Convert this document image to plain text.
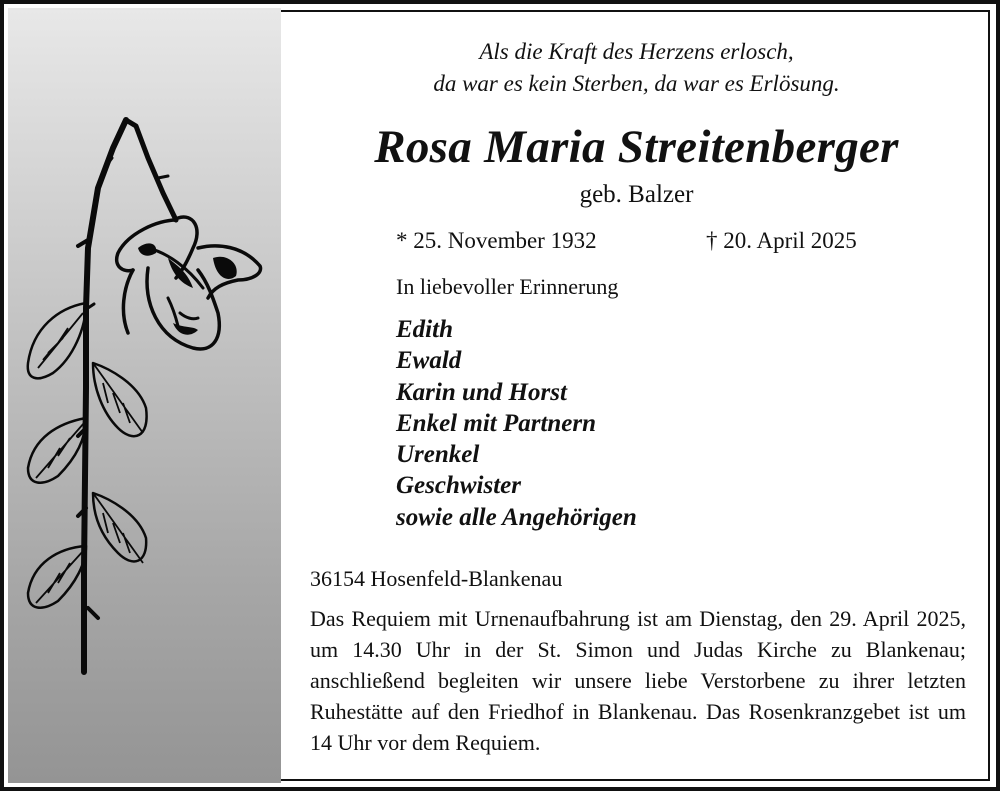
Als die Kraft des Herzens erlosch,
da war es kein Sterben, da war es Erlösung.
Rosa Maria Streitenberger
geb. Balzer
* 25. November 1932	† 20. April 2025
In liebevoller Erinnerung
Edith
Ewald
Karin und Horst
Enkel mit Partnern
Urenkel
Geschwister
sowie alle Angehörigen
36154 Hosenfeld-Blankenau
Das Requiem mit Urnenaufbahrung ist am Dienstag, den 29. April 2025, um 14.30 Uhr in der St. Simon und Judas Kirche zu Blankenau; anschließend begleiten wir unsere liebe Verstorbene zu ihrer letzten Ruhestätte auf den Friedhof in Blankenau. Das Rosenkranzgebet ist um 14 Uhr vor dem Requiem.
